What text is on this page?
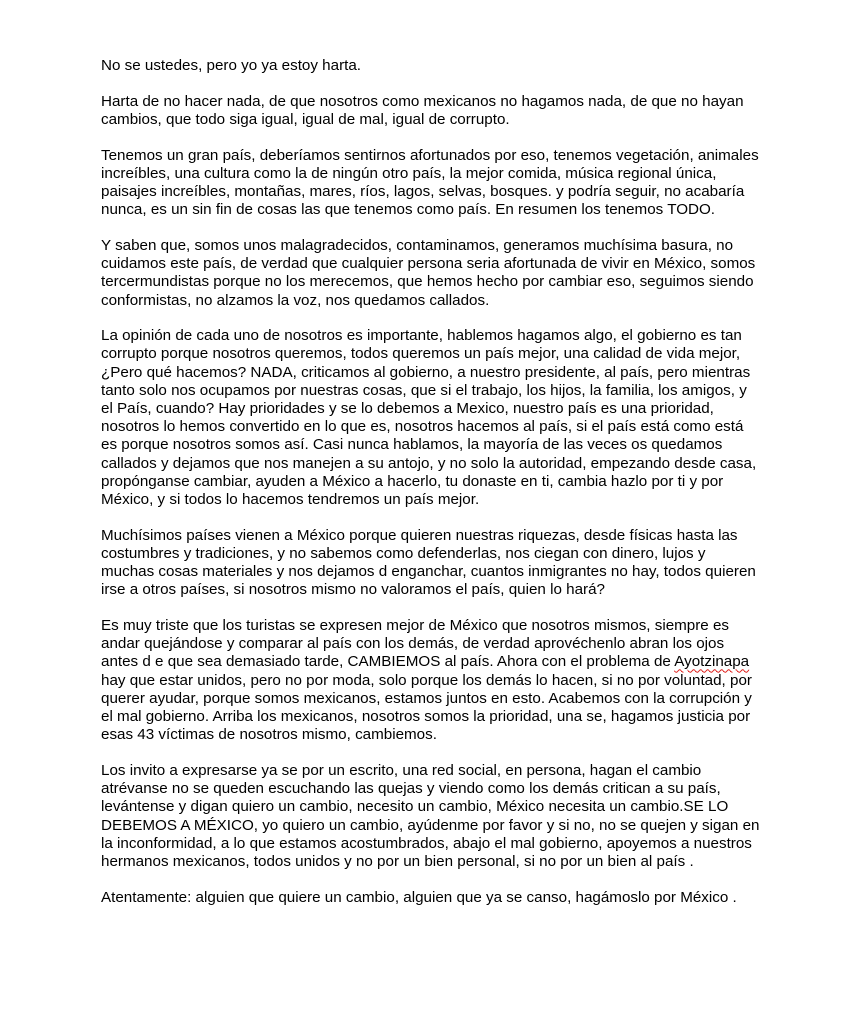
No se ustedes, pero yo ya estoy harta.

Harta de no hacer nada, de que nosotros como mexicanos no hagamos nada, de que no hayan cambios, que todo siga igual, igual de mal, igual de corrupto.

Tenemos un gran país, deberíamos sentirnos afortunados por eso, tenemos vegetación, animales increíbles, una cultura como la de ningún otro país, la mejor comida, música regional única, paisajes increíbles, montañas, mares, ríos, lagos, selvas, bosques. y podría seguir, no acabaría nunca, es un sin fin de cosas las que tenemos como país. En resumen los tenemos TODO.

Y saben que, somos unos malagradecidos, contaminamos, generamos muchísima basura, no cuidamos este país, de verdad que cualquier persona seria afortunada de vivir en México, somos tercermundistas porque no los merecemos, que hemos hecho por cambiar eso, seguimos siendo conformistas, no alzamos la voz, nos quedamos callados.

La opinión de cada uno de nosotros es importante, hablemos hagamos algo, el gobierno es tan corrupto porque nosotros queremos, todos queremos un país mejor, una calidad de vida mejor, ¿Pero qué hacemos? NADA, criticamos al gobierno, a nuestro presidente, al país, pero mientras tanto solo nos ocupamos por nuestras cosas, que si el trabajo, los hijos, la familia, los amigos, y el País, cuando? Hay prioridades y se lo debemos a Mexico, nuestro país es una prioridad, nosotros lo hemos convertido en lo que es, nosotros hacemos al país, si el país está como está es porque nosotros somos así. Casi nunca hablamos, la mayoría de las veces os quedamos callados y dejamos que nos manejen a su antojo, y no solo la autoridad, empezando desde casa, propónganse cambiar, ayuden a México a hacerlo, tu donaste en ti, cambia hazlo por ti y por México, y si todos lo hacemos tendremos un país mejor.

Muchísimos países vienen a México porque quieren nuestras riquezas, desde físicas hasta las costumbres y tradiciones, y no sabemos como defenderlas, nos ciegan con dinero, lujos y muchas cosas materiales y nos dejamos d enganchar, cuantos inmigrantes no hay, todos quieren irse a otros países, si nosotros mismo no valoramos el país, quien lo hará?

Es muy triste que los turistas se expresen mejor de México que nosotros mismos, siempre es andar quejándose y comparar al país con los demás, de verdad aprovéchenlo abran los ojos antes d e que sea demasiado tarde, CAMBIEMOS al país. Ahora con el problema de Ayotzinapa hay que estar unidos, pero no por moda, solo porque los demás lo hacen, si no por voluntad, por querer ayudar, porque somos mexicanos, estamos juntos en esto. Acabemos con la corrupción y el mal gobierno. Arriba los mexicanos, nosotros somos la prioridad, una se, hagamos justicia por esas 43 víctimas de nosotros mismo, cambiemos.

Los invito a expresarse ya se por un escrito, una red social, en persona, hagan el cambio atrévanse no se queden escuchando las quejas y viendo como los demás critican a su país, levántense y digan quiero un cambio, necesito un cambio, México necesita un cambio.SE LO DEBEMOS A MÉXICO, yo quiero un cambio, ayúdenme por favor y si no, no se quejen y sigan en la inconformidad, a lo que estamos acostumbrados, abajo el mal gobierno, apoyemos a nuestros hermanos mexicanos, todos unidos y no por un bien personal, si no por un bien al país .

Atentamente: alguien que quiere un cambio, alguien que ya se canso, hagámoslo por México .
